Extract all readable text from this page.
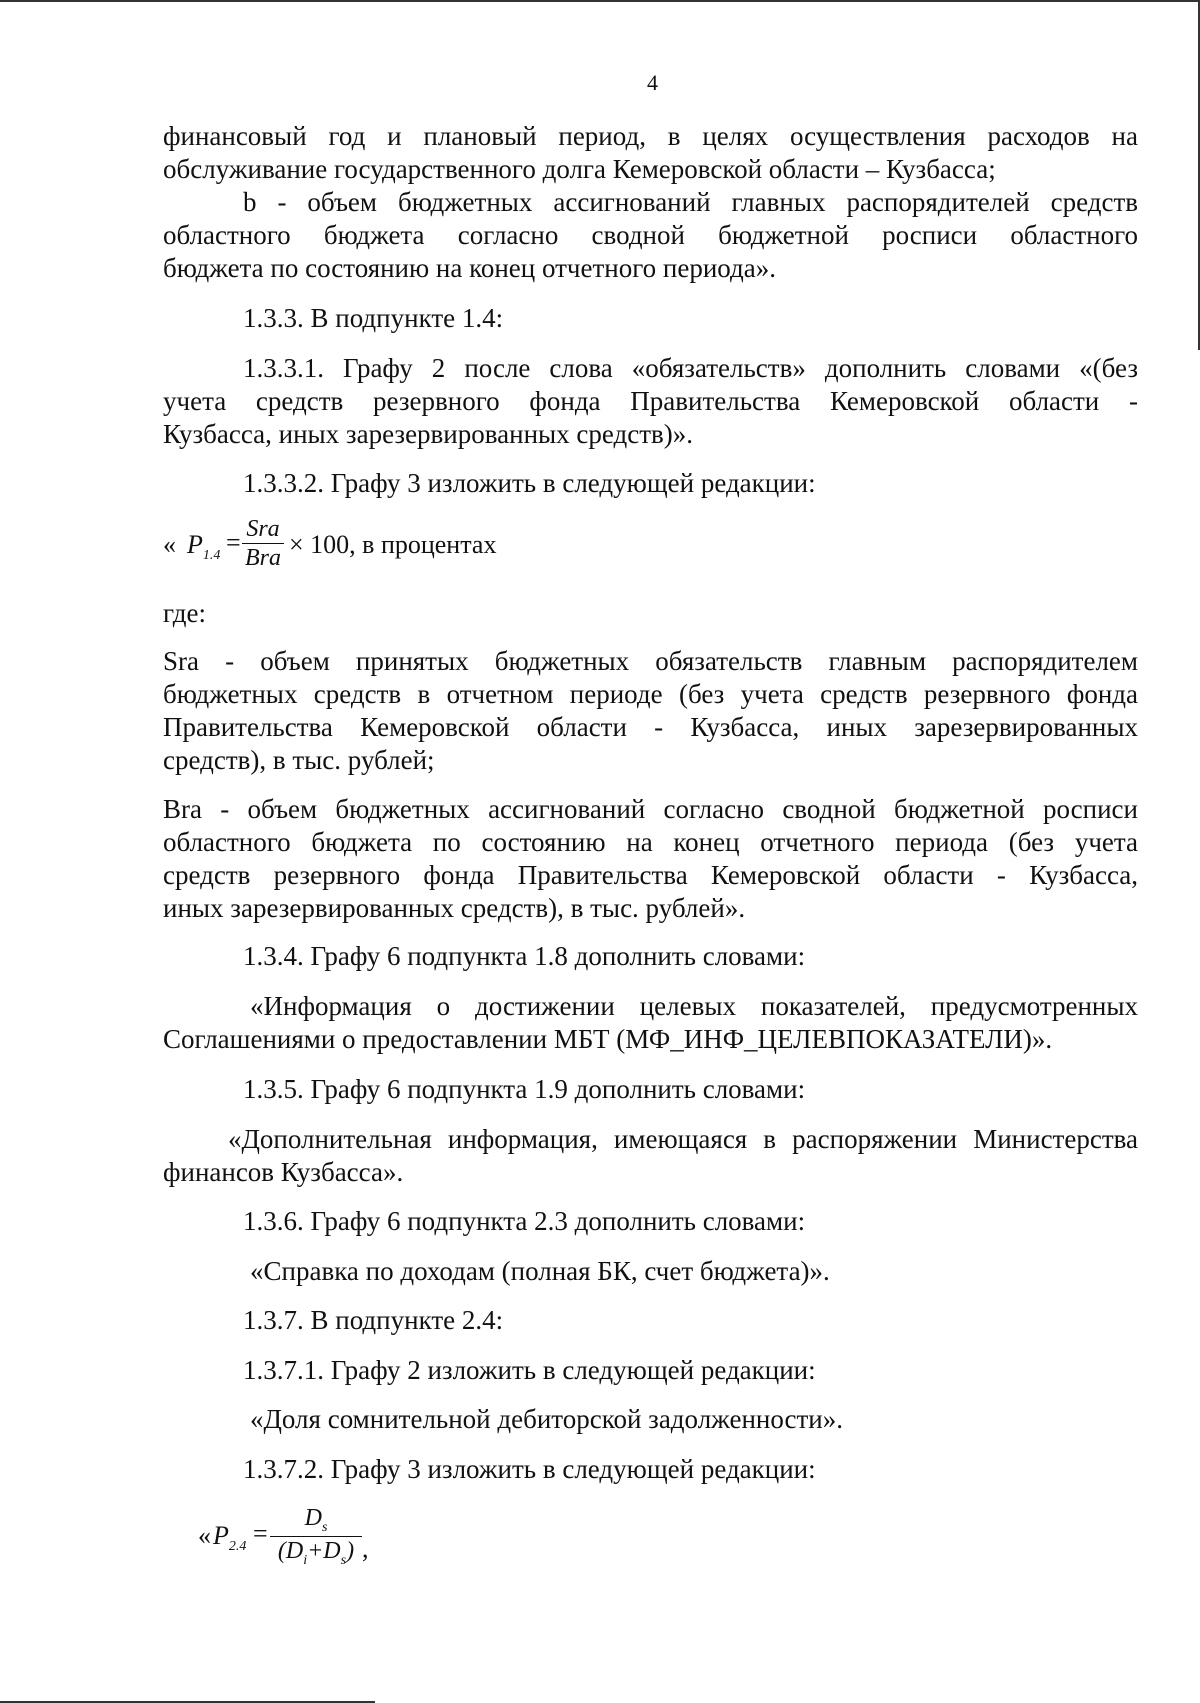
4
финансовый год и плановый период, в целях осуществления расходов на
обслуживание государственного долга Кемеровской области – Кузбасса;
b - объем бюджетных ассигнований главных распорядителей средств
областного бюджета согласно сводной бюджетной росписи областного
бюджета по состоянию на конец отчетного периода».
1.3.3. В подпункте 1.4:
1.3.3.1. Графу 2 после слова «обязательств» дополнить словами «(без
учета средств резервного фонда Правительства Кемеровской области -
Кузбасса, иных зарезервированных средств)».
1.3.3.2. Графу 3 изложить в следующей редакции:
« $P_{1.4}$ = Sra
Bra × 100, в процентах
где:
Sra - объем принятых бюджетных обязательств главным распорядителем
бюджетных средств в отчетном периоде (без учета средств резервного фонда
Правительства Кемеровской области - Кузбасса, иных зарезервированных
средств), в тыс. рублей;
Bra - объем бюджетных ассигнований согласно сводной бюджетной росписи
областного бюджета по состоянию на конец отчетного периода (без учета
средств резервного фонда Правительства Кемеровской области - Кузбасса,
иных зарезервированных средств), в тыс. рублей».
1.3.4. Графу 6 подпункта 1.8 дополнить словами:
«Информация о достижении целевых показателей, предусмотренных
Соглашениями о предоставлении МБТ (МФ_ИНФ_ЦЕЛЕВПОКАЗАТЕЛИ)».
1.3.5. Графу 6 подпункта 1.9 дополнить словами:
«Дополнительная информация, имеющаяся в распоряжении Министерства
финансов Кузбасса».
1.3.6. Графу 6 подпункта 2.3 дополнить словами:
«Справка по доходам (полная БК, счет бюджета)».
1.3.7. В подпункте 2.4:
1.3.7.1. Графу 2 изложить в следующей редакции:
«Доля сомнительной дебиторской задолженности».
1.3.7.2. Графу 3 изложить в следующей редакции:
« $P_{2.4}$ =
$D_s$
$(D_i+D_s)$ ,
